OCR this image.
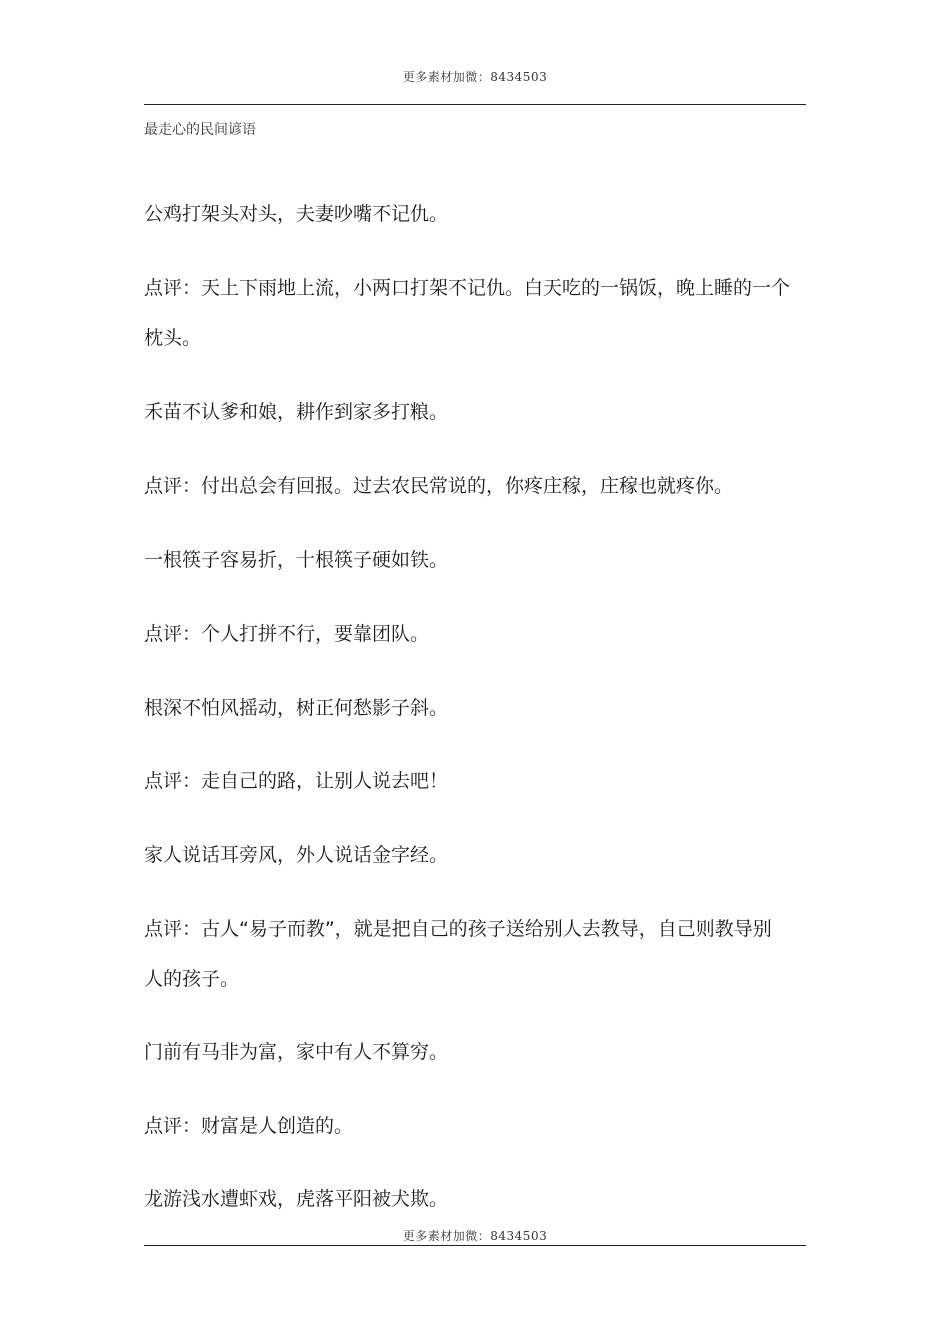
更多素材加微：8434503
最走心的民间谚语
公鸡打架头对头，夫妻吵嘴不记仇。
点评：天上下雨地上流，小两口打架不记仇。白天吃的一锅饭，晚上睡的一个
枕头。
禾苗不认爹和娘，耕作到家多打粮。
点评：付出总会有回报。过去农民常说的，你疼庄稼，庄稼也就疼你。
一根筷子容易折，十根筷子硬如铁。
点评：个人打拼不行，要靠团队。
根深不怕风摇动，树正何愁影子斜。
点评：走自己的路，让别人说去吧！
家人说话耳旁风，外人说话金字经。
点评：古人“易子而教”，就是把自己的孩子送给别人去教导，自己则教导别
人的孩子。
门前有马非为富，家中有人不算穷。
点评：财富是人创造的。
龙游浅水遭虾戏，虎落平阳被犬欺。
更多素材加微：8434503
